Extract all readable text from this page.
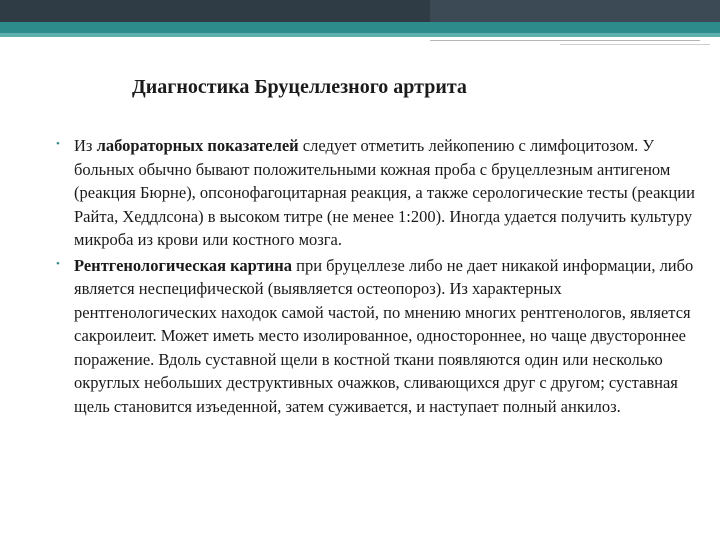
Диагностика Бруцеллезного артрита
• Из лабораторных показателей следует отметить лейкопению с лимфоцитозом. У больных обычно бывают положительными кожная проба с бруцеллезным антигеном (реакция Бюрне), опсонофагоцитарная реакция, а также серологические тесты (реакции Райта, Хеддлсона) в высоком титре (не менее 1:200). Иногда удается получить культуру микроба из крови или костного мозга.
• Рентгенологическая картина при бруцеллезе либо не дает никакой информации, либо является неспецифической (выявляется остеопороз). Из характерных рентгенологических находок самой частой, по мнению многих рентгенологов, является сакроилеит. Может иметь место изолированное, одностороннее, но чаще двустороннее поражение. Вдоль суставной щели в костной ткани появляются один или несколько округлых небольших деструктивных очажков, сливающихся друг с другом; суставная щель становится изъеденной, затем суживается, и наступает полный анкилоз.
